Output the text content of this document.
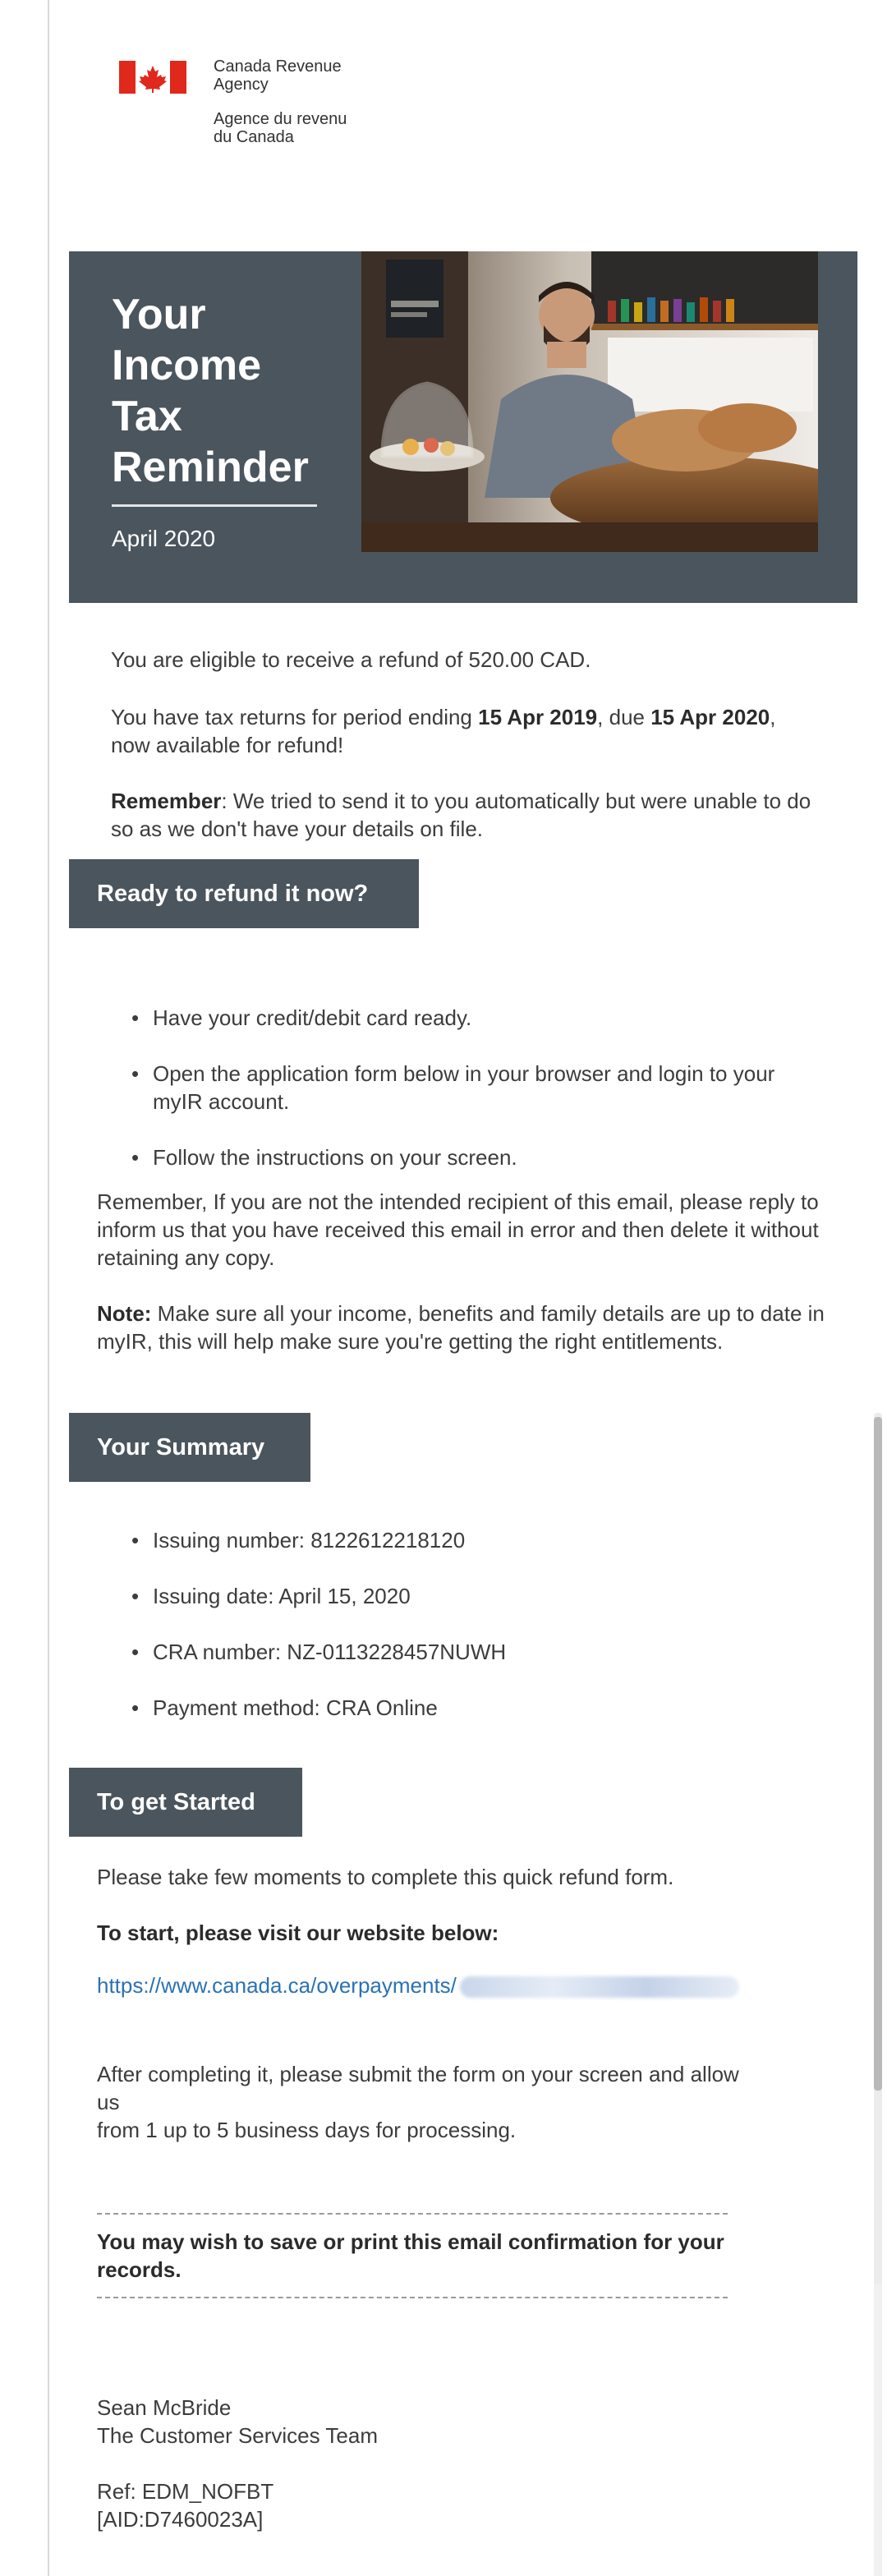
Canada Revenue
Agency
Agence du revenu
du Canada
Your
Income
Tax
Reminder
April 2020
You are eligible to receive a refund of 520.00 CAD.
You have tax returns for period ending 15 Apr 2019, due 15 Apr 2020, now available for refund!
Remember: We tried to send it to you automatically but were unable to do so as we don't have your details on file.
Ready to refund it now?
• Have your credit/debit card ready.
• Open the application form below in your browser and login to your myIR account.
• Follow the instructions on your screen.
Remember, If you are not the intended recipient of this email, please reply to inform us that you have received this email in error and then delete it without retaining any copy.
Note: Make sure all your income, benefits and family details are up to date in myIR, this will help make sure you're getting the right entitlements.
Your Summary
• Issuing number: 8122612218120
• Issuing date: April 15, 2020
• CRA number: NZ-0113228457NUWH
• Payment method: CRA Online
To get Started
Please take few moments to complete this quick refund form.
To start, please visit our website below:
https://www.canada.ca/overpayments/
After completing it, please submit the form on your screen and allow
us
from 1 up to 5 business days for processing.
You may wish to save or print this email confirmation for your records.
Sean McBride
The Customer Services Team
Ref: EDM_NOFBT
[AID:D7460023A]
